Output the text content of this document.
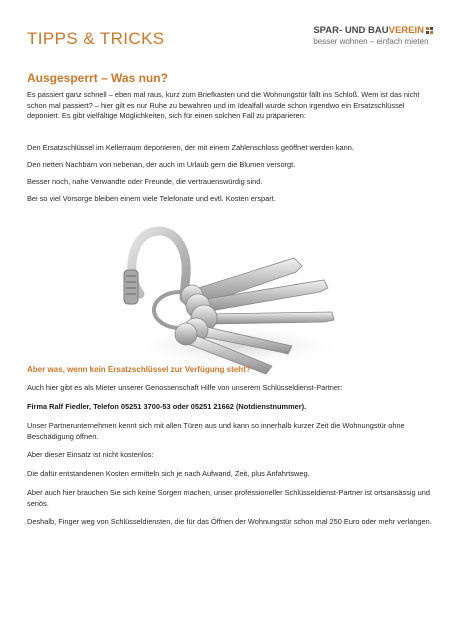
TIPPS & TRICKS	SPAR- UND BAU VEREIN
besser wohnen – einfach mieten
Ausgesperrt – Was nun?
Es passiert ganz schnell – eben mal raus, kurz zum Briefkasten und die Wohnungstür fällt ins Schloß. Wem ist das nicht schon mal passiert? – hier gilt es nur Ruhe zu bewahren und im Idealfall wurde schon irgendwo ein Ersatzschlüssel deponiert. Es gibt vielfältige Möglichkeiten, sich für einen solchen Fall zu präparieren:
Den Ersatzschlüssel im Kellerraum deponieren, der mit einem Zahlenschloss geöffnet werden kann.
Den netten Nachbarn von nebenan, der auch im Urlaub gern die Blumen versorgt.
Besser noch, nahe Verwandte oder Freunde, die vertrauenswürdig sind.
Bei so viel Vorsorge bleiben einem viele Telefonate und evtl. Kosten erspart.
Aber was, wenn kein Ersatzschlüssel zur Verfügung steht?
Auch hier gibt es als Mieter unserer Genossenschaft Hilfe von unserem Schlüsseldienst-Partner:
Firma Ralf Fiedler, Telefon 05251 3700-53 oder 05251 21662 (Notdienstnummer).
Unser Partnerunternehmen kennt sich mit allen Türen aus und kann so innerhalb kurzer Zeit die Wohnungstür ohne Beschädigung öffnen.
Aber dieser Einsatz ist nicht kostenlos:
Die dafür entstandenen Kosten ermitteln sich je nach Aufwand, Zeit, plus Anfahrtsweg.
Aber auch hier brauchen Sie sich keine Sorgen machen, unser professioneller Schlüsseldienst-Partner ist ortsansässig und seriös.
Deshalb, Finger weg von Schlüsseldiensten, die für das Öffnen der Wohnungstür schon mal 250 Euro oder mehr verlangen.
